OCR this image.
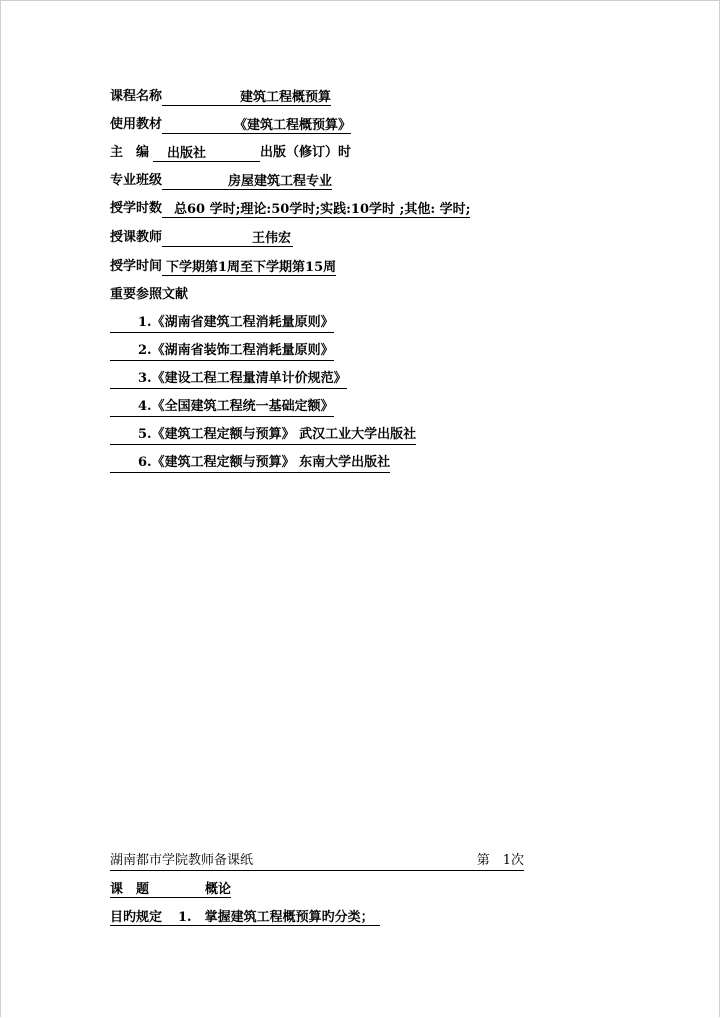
课程名称	建筑工程概预算
使用教材	《建筑工程概预算》
主　编 出版社	出版（修订）时
专业班级	房屋建筑工程专业
授学时数 总60 学时;理论:50学时;实践:10学时 ;其他: 学时;
授课教师	王伟宏
授学时间 下学期第1周至下学期第15周
重要参照文献
1.《湖南省建筑工程消耗量原则》
2.《湖南省装饰工程消耗量原则》
3.《建设工程工程量清单计价规范》
4.《全国建筑工程统一基础定额》
5.《建筑工程定额与预算》 武汉工业大学出版社
6.《建筑工程定额与预算》 东南大学出版社
湖南都市学院教师备课纸	第　1次
课　题	概论
目旳规定 1.　掌握建筑工程概预算旳分类；
